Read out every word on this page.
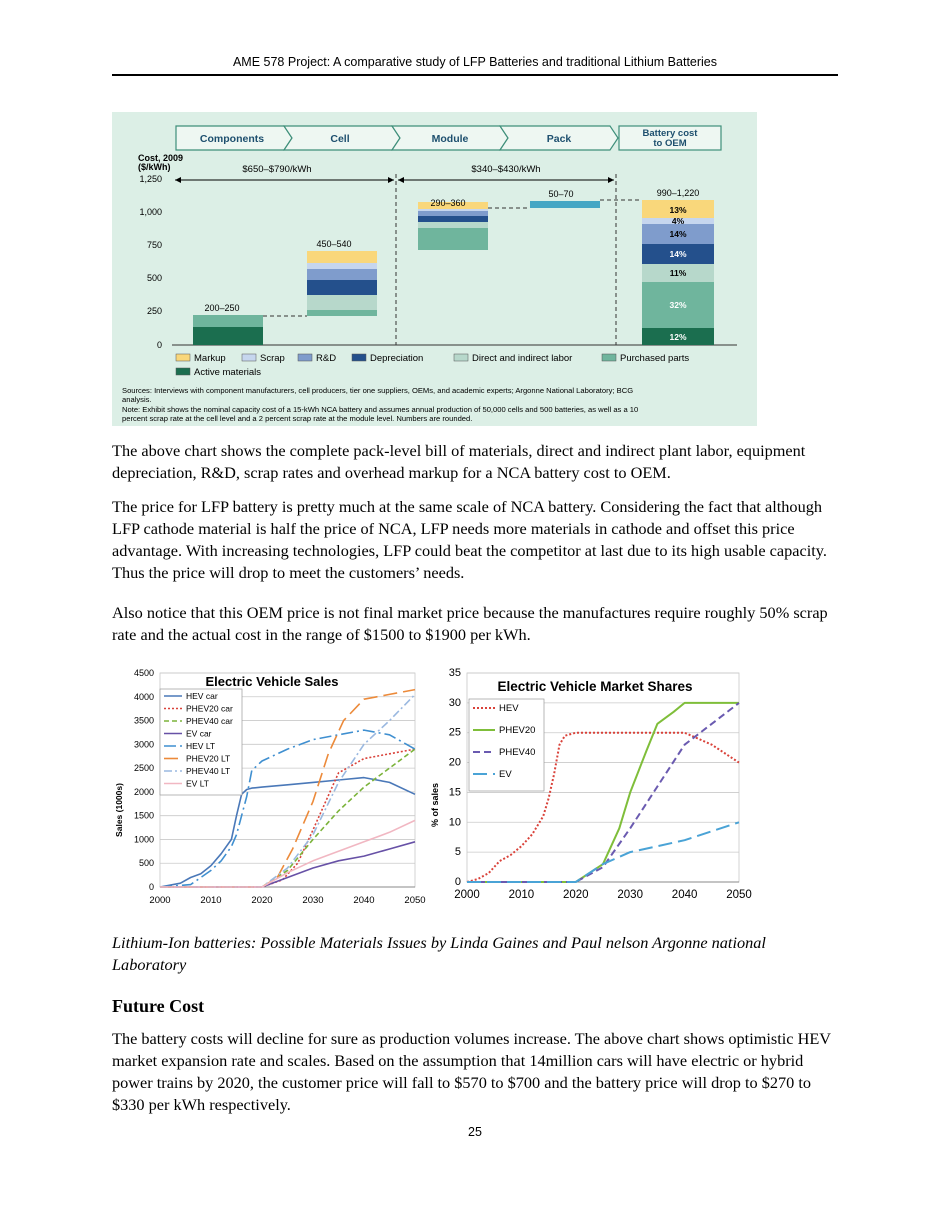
AME 578 Project: A comparative study of LFP Batteries and traditional Lithium Batteries
Components	Cell	Module	Pack	Battery cost
to OEM
Cost, 2009
($/kWh)
1,250
1,000
750
500
250
0
$650–$790/kWh	$340–$430/kWh
200–250
450–540
290–360
50–70	990–1,220
13%
4%
14%
14%
11%
32%
12%
Markup	Scrap	R&D	Depreciation	Direct and indirect labor	Purchased parts
Active materials
Sources: Interviews with component manufacturers, cell producers, tier one suppliers, OEMs, and academic experts; Argonne National Laboratory; BCG
analysis.
Note: Exhibit shows the nominal capacity cost of a 15-kWh NCA battery and assumes annual production of 50,000 cells and 500 batteries, as well as a 10
percent scrap rate at the cell level and a 2 percent scrap rate at the module level. Numbers are rounded.
The above chart shows the complete pack-level bill of materials, direct and indirect plant labor, equipment depreciation, R&D, scrap rates and overhead markup for a NCA battery cost to OEM.
The price for LFP battery is pretty much at the same scale of NCA battery. Considering the fact that although LFP cathode material is half the price of NCA, LFP needs more materials in cathode and offset this price advantage. With increasing technologies, LFP could beat the competitor at last due to its high usable capacity. Thus the price will drop to meet the customers’ needs.
Also notice that this OEM price is not final market price because the manufactures require roughly 50% scrap rate and the actual cost in the range of $1500 to $1900 per kWh.
0
500
1000
1500
2000
2500
3000
3500
4000
4500
2000	2010	2020	2030	2040	2050
HEV car
PHEV20 car
PHEV40 car
EV car
HEV LT
PHEV20 LT
PHEV40 LT
EV LT
Electric Vehicle Sales
Sales (1000s)
0
5
10
15
20
25
30
35
2000	2010	2020	2030	2040	2050
HEV
PHEV20
PHEV40
EV
Electric Vehicle Market Shares
% of sales
Lithium-Ion batteries: Possible Materials Issues by Linda Gaines and Paul nelson Argonne national Laboratory
Future Cost
The battery costs will decline for sure as production volumes increase. The above chart shows optimistic HEV market expansion rate and scales. Based on the assumption that 14million cars will have electric or hybrid power trains by 2020, the customer price will fall to $570 to $700 and the battery price will drop to $270 to $330 per kWh respectively.
25
